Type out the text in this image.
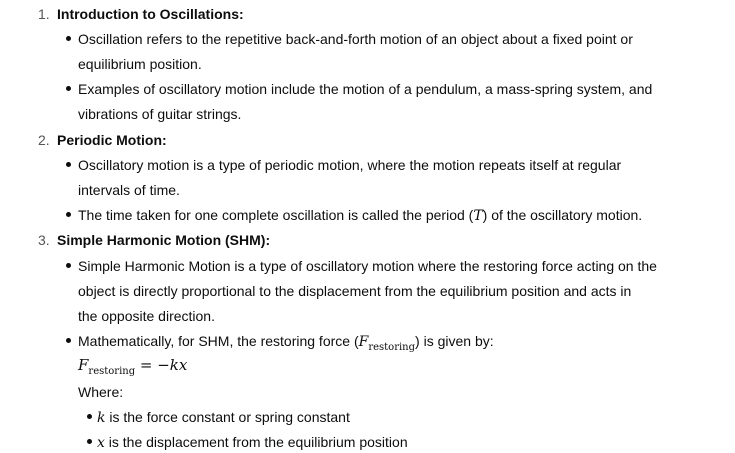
1. Introduction to Oscillations:
Oscillation refers to the repetitive back-and-forth motion of an object about a fixed point or
equilibrium position.
Examples of oscillatory motion include the motion of a pendulum, a mass-spring system, and
vibrations of guitar strings.
2. Periodic Motion:
Oscillatory motion is a type of periodic motion, where the motion repeats itself at regular
intervals of time.
The time taken for one complete oscillation is called the period (T) of the oscillatory motion.
3. Simple Harmonic Motion (SHM):
Simple Harmonic Motion is a type of oscillatory motion where the restoring force acting on the
object is directly proportional to the displacement from the equilibrium position and acts in
the opposite direction.
Mathematically, for SHM, the restoring force $(F_{restoring})$ is given by:
$F_{restoring} = -kx$
Where:
k is the force constant or spring constant
x is the displacement from the equilibrium position
